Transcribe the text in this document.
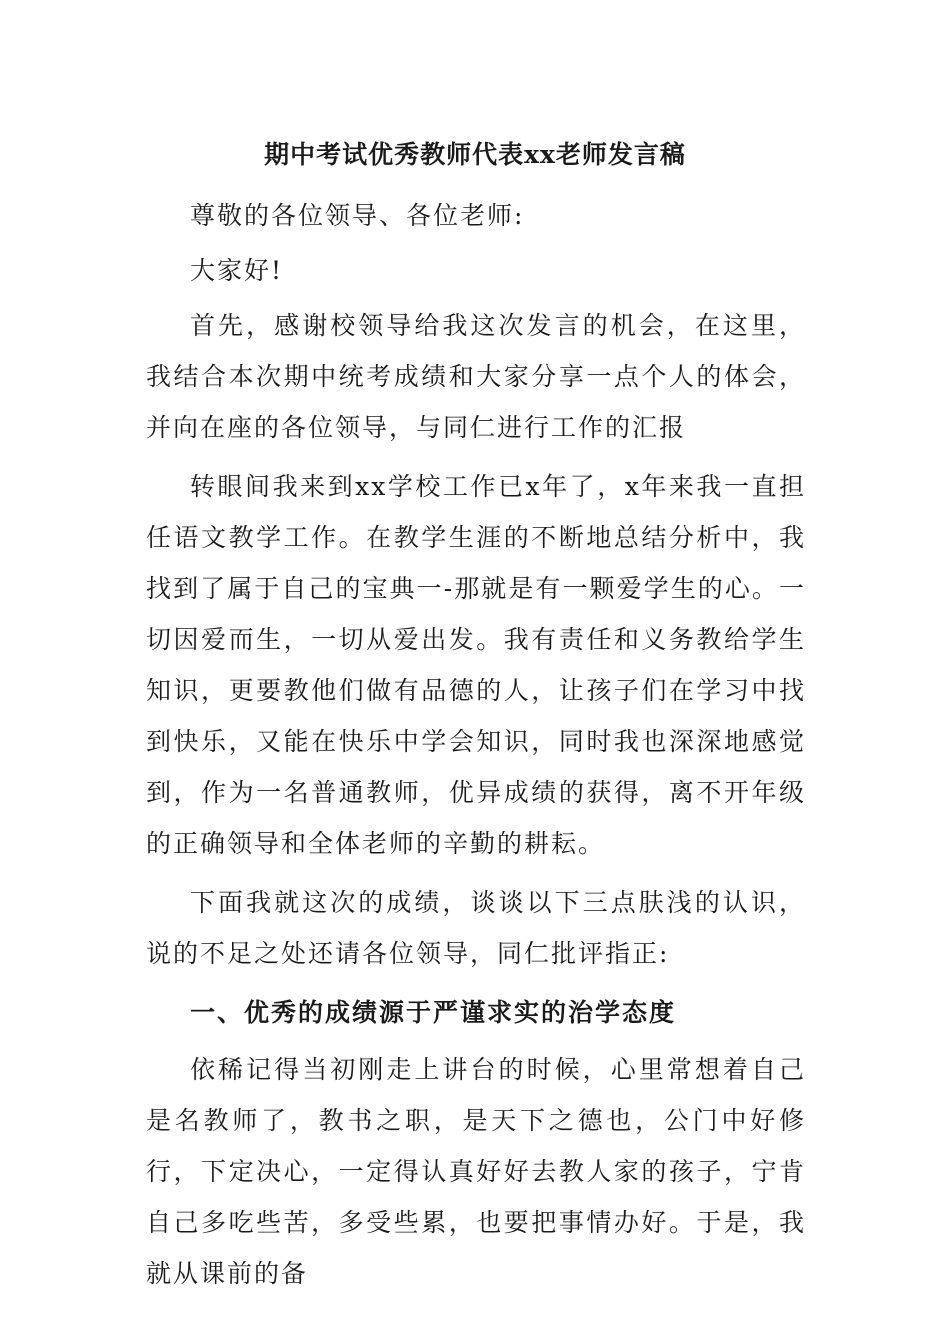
期中考试优秀教师代表xx老师发言稿

尊敬的各位领导、各位老师:

大家好!

首先，感谢校领导给我这次发言的机会，在这里，我结合本次期中统考成绩和大家分享一点个人的体会，并向在座的各位领导，与同仁进行工作的汇报

转眼间我来到xx学校工作已x年了，x年来我一直担任语文教学工作。在教学生涯的不断地总结分析中，我找到了属于自己的宝典一-那就是有一颗爱学生的心。一切因爱而生，一切从爱出发。我有责任和义务教给学生知识，更要教他们做有品德的人，让孩子们在学习中找到快乐，又能在快乐中学会知识，同时我也深深地感觉到，作为一名普通教师，优异成绩的获得，离不开年级的正确领导和全体老师的辛勤的耕耘。

下面我就这次的成绩，谈谈以下三点肤浅的认识，说的不足之处还请各位领导，同仁批评指正:

一、优秀的成绩源于严谨求实的治学态度

依稀记得当初刚走上讲台的时候，心里常想着自己是名教师了，教书之职，是天下之德也，公门中好修行，下定决心，一定得认真好好去教人家的孩子，宁肯自己多吃些苦，多受些累，也要把事情办好。于是，我就从课前的备
